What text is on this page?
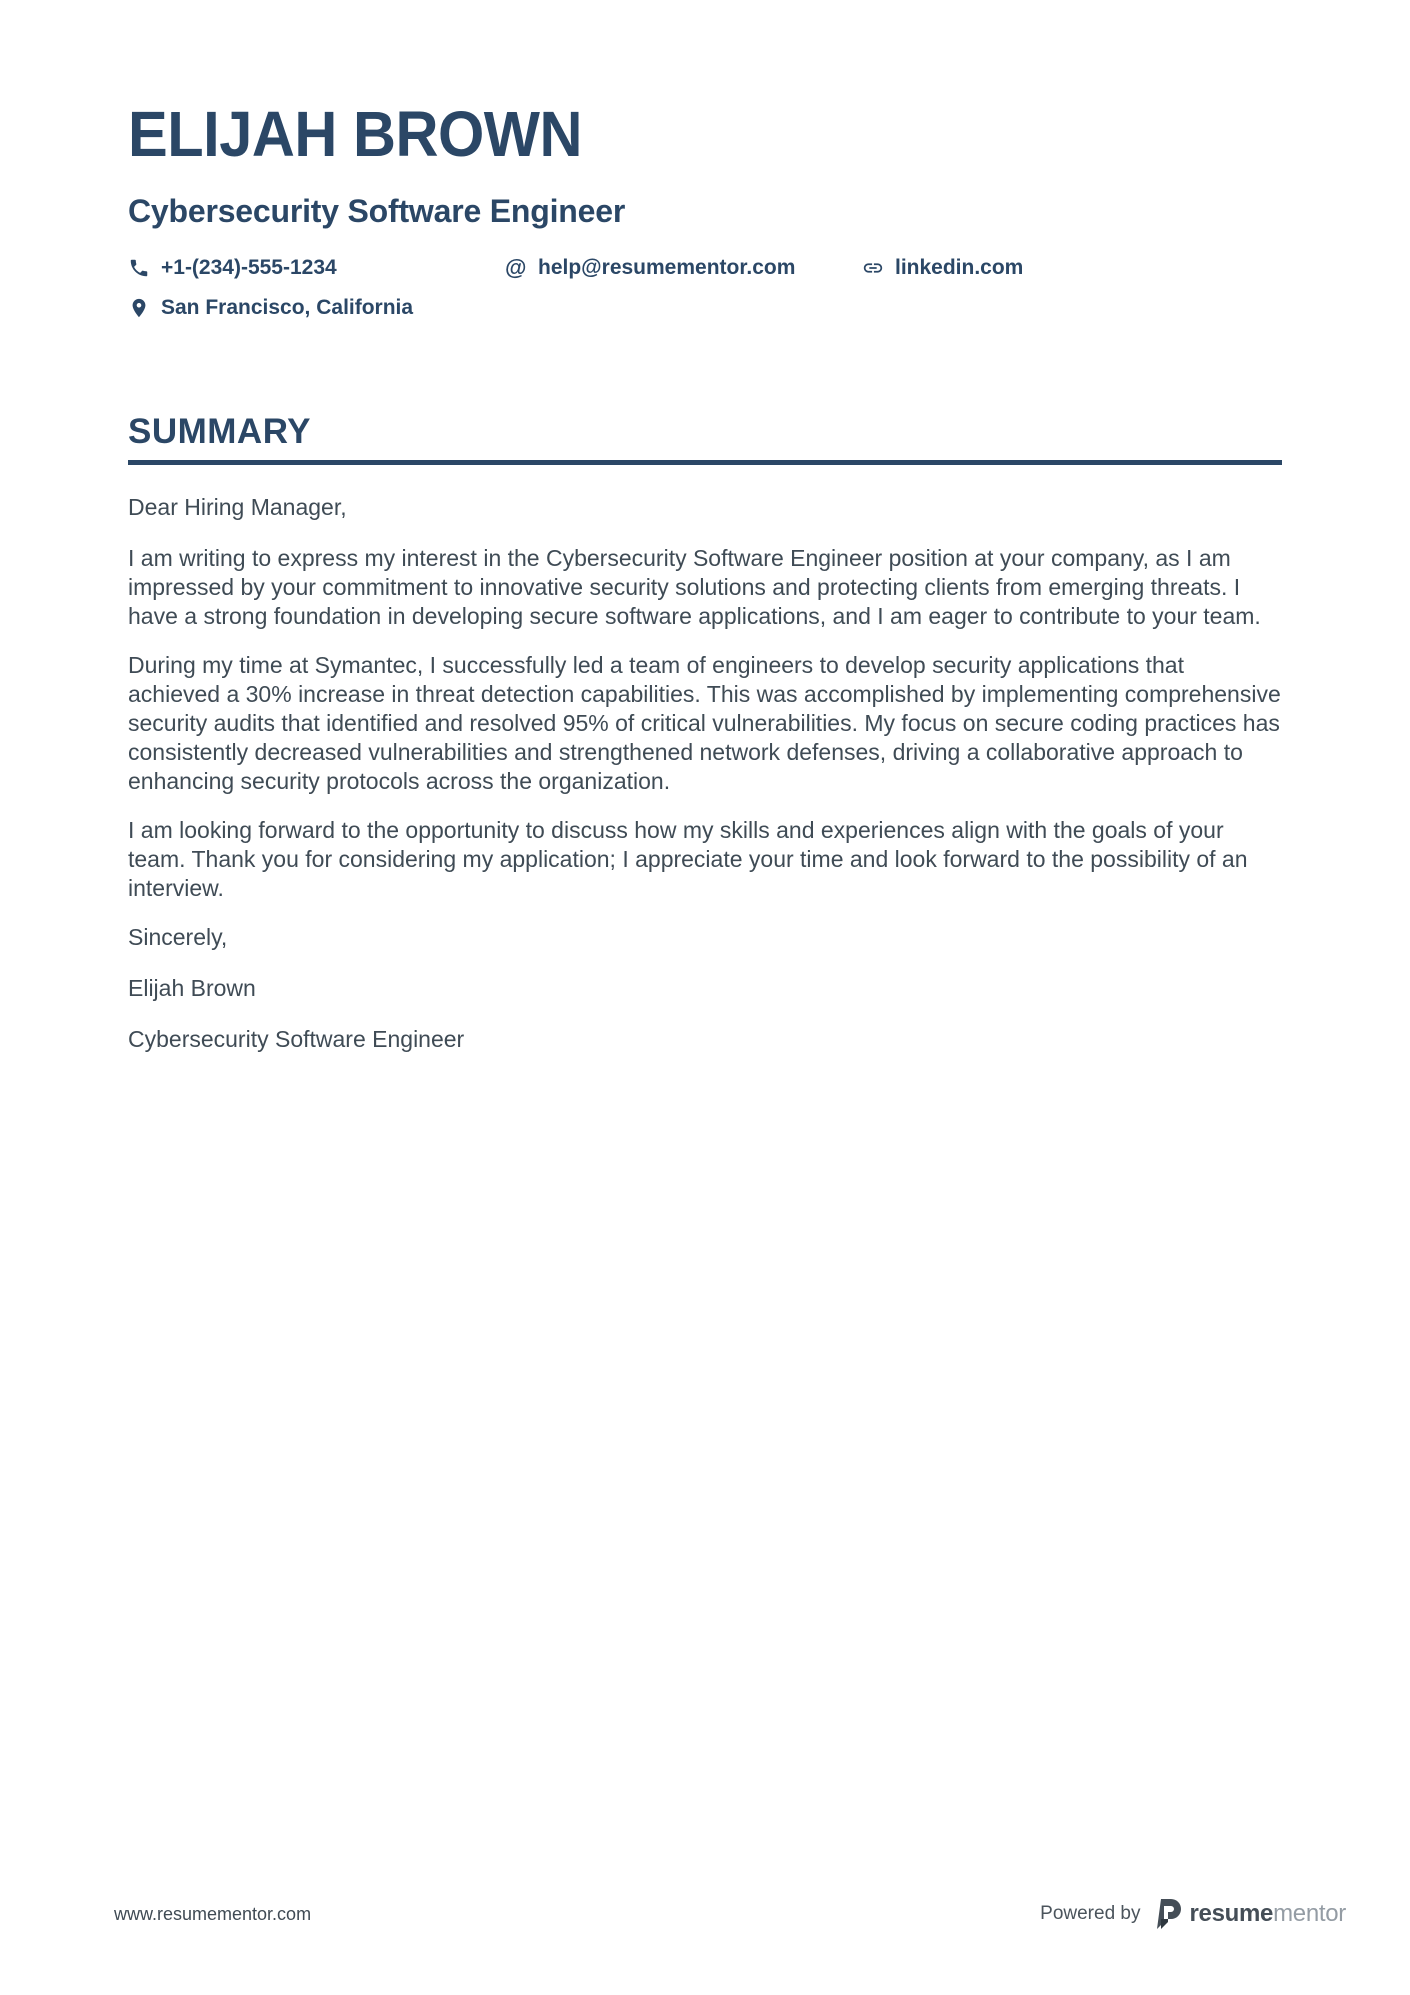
ELIJAH BROWN
Cybersecurity Software Engineer
+1-(234)-555-1234	@ help@resumementor.com	linkedin.com
San Francisco, California
SUMMARY

Dear Hiring Manager,

I am writing to express my interest in the Cybersecurity Software Engineer position at your company, as I am impressed by your commitment to innovative security solutions and protecting clients from emerging threats. I have a strong foundation in developing secure software applications, and I am eager to contribute to your team.

During my time at Symantec, I successfully led a team of engineers to develop security applications that achieved a 30% increase in threat detection capabilities. This was accomplished by implementing comprehensive security audits that identified and resolved 95% of critical vulnerabilities. My focus on secure coding practices has consistently decreased vulnerabilities and strengthened network defenses, driving a collaborative approach to enhancing security protocols across the organization.

I am looking forward to the opportunity to discuss how my skills and experiences align with the goals of your team. Thank you for considering my application; I appreciate your time and look forward to the possibility of an interview.

Sincerely,

Elijah Brown

Cybersecurity Software Engineer

www.resumementor.com	Powered by resumementor
